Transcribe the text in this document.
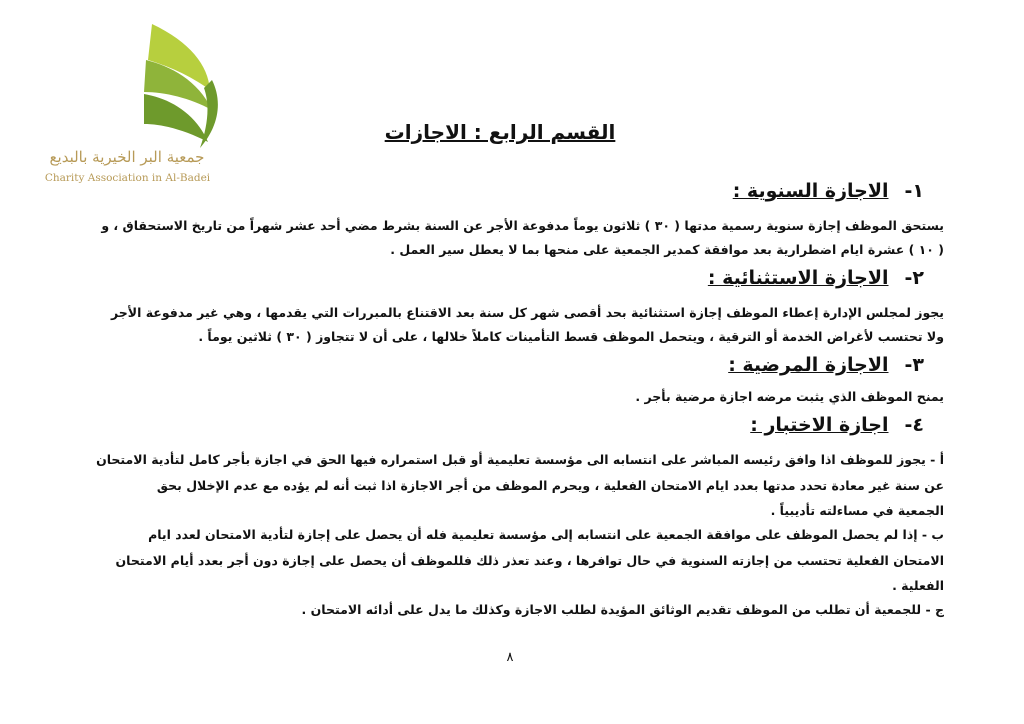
جمعية البر الخيرية بالبديع
Charity Association in Al-Badei
القسم الرابع : الاجازات
١-الاجازة السنوية :
يستحق الموظف إجازة سنوية رسمية مدتها ( ٣٠ ) ثلاثون يوماً مدفوعة الأجر عن السنة بشرط مضي أحد عشر شهراً من تاريخ الاستحقاق ، و
( ١٠ ) عشرة ايام اضطرارية بعد موافقة كمدير الجمعية على منحها بما لا يعطل سير العمل .
٢-الاجازة الاستثنائية :
يجوز لمجلس الإدارة إعطاء الموظف إجازة استثنائية بحد أقصى شهر كل سنة بعد الاقتناع بالمبررات التي يقدمها ، وهي غير مدفوعة الأجر
ولا تحتسب لأغراض الخدمة أو الترقية ، ويتحمل الموظف قسط التأمينات كاملاً خلالها ، على أن لا تتجاوز ( ٣٠ ) ثلاثين يوماً .
٣-الاجازة المرضية :
يمنح الموظف الذي يثبت مرضه اجازة مرضية بأجر .
٤-اجازة الاختبار :
أ - يجوز للموظف اذا وافق رئيسه المباشر على انتسابه الى مؤسسة تعليمية أو قبل استمراره فيها الحق في اجازة بأجر كامل لتأدية الامتحان
عن سنة غير معادة تحدد مدتها بعدد ايام الامتحان الفعلية ، ويحرم الموظف من أجر الاجازة اذا ثبت أنه لم يؤده مع عدم الإخلال بحق
الجمعية في مساءلته تأديبياً .
ب - إذا لم يحصل الموظف على موافقة الجمعية على انتسابه إلى مؤسسة تعليمية فله أن يحصل على إجازة لتأدية الامتحان لعدد ايام
الامتحان الفعلية تحتسب من إجازته السنوية في حال توافرها ، وعند تعذر ذلك فللموظف أن يحصل على إجازة دون أجر بعدد أيام الامتحان
الفعلية .
ج - للجمعية أن تطلب من الموظف تقديم الوثائق المؤيدة لطلب الاجازة وكذلك ما يدل على أدائه الامتحان .
٨
